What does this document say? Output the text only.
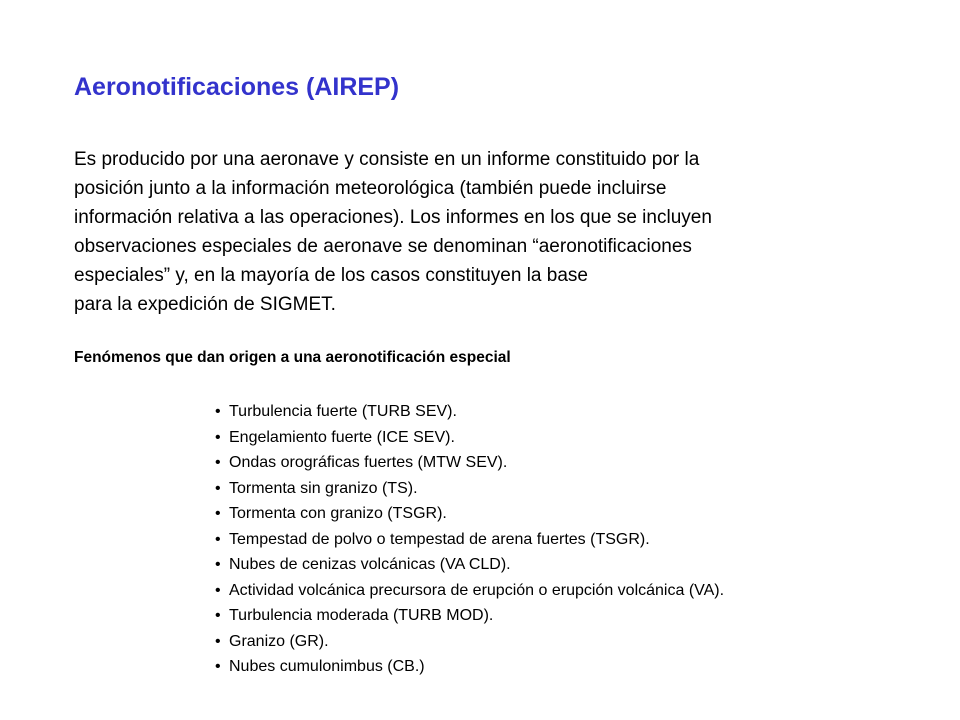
Aeronotificaciones (AIREP)
Es producido por una aeronave y consiste en un informe constituido por la
posición junto a la información meteorológica (también puede incluirse
información relativa a las operaciones). Los informes en los que se incluyen
observaciones especiales de aeronave se denominan “aeronotificaciones
especiales” y, en la mayoría de los casos constituyen la base
para la expedición de SIGMET.
Fenómenos que dan origen a una aeronotificación especial
• Turbulencia fuerte (TURB SEV).
• Engelamiento fuerte (ICE SEV).
• Ondas orográficas fuertes (MTW SEV).
• Tormenta sin granizo (TS).
• Tormenta con granizo (TSGR).
• Tempestad de polvo o tempestad de arena fuertes (TSGR).
• Nubes de cenizas volcánicas (VA CLD).
• Actividad volcánica precursora de erupción o erupción volcánica (VA).
• Turbulencia moderada (TURB MOD).
• Granizo (GR).
• Nubes cumulonimbus (CB.)
